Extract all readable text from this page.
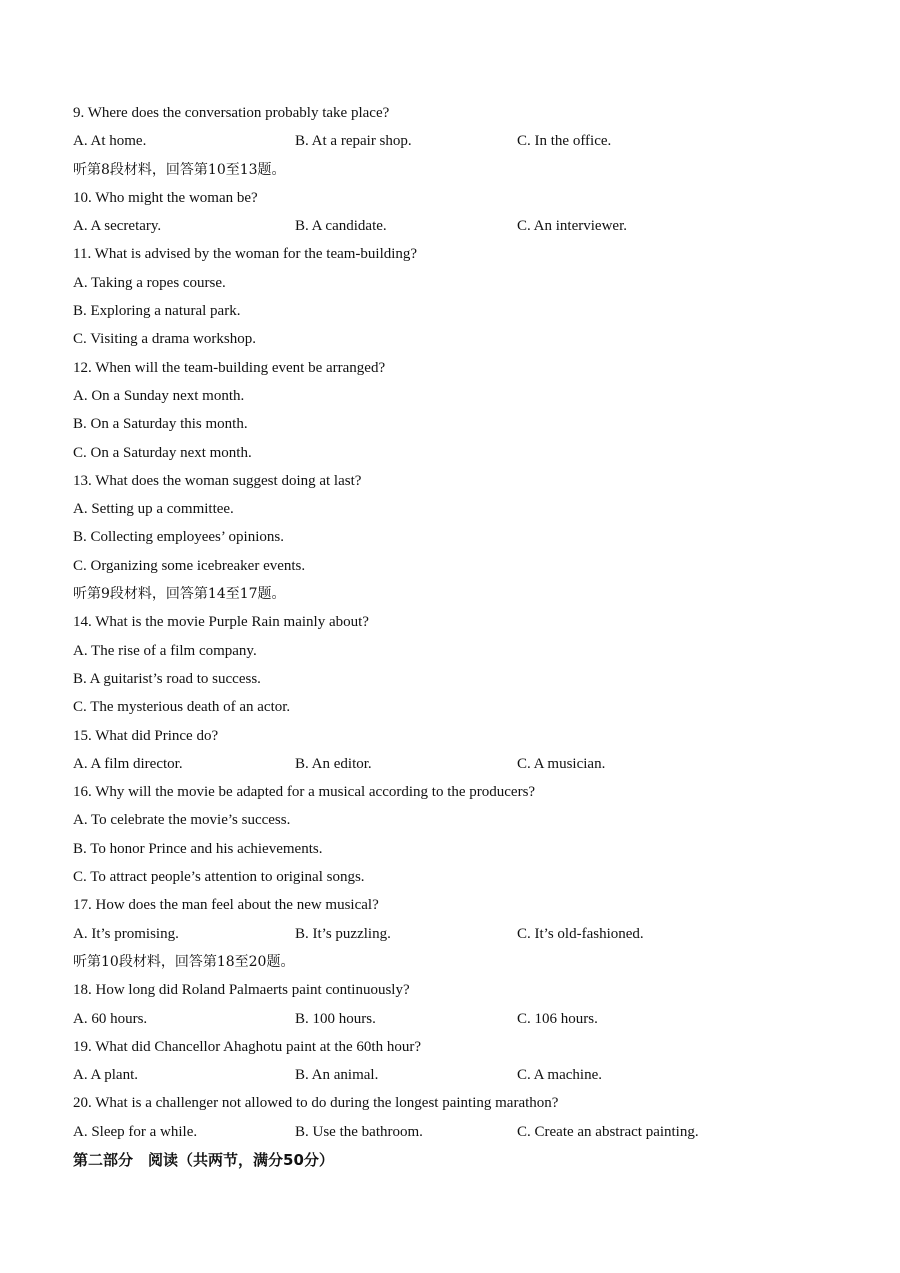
9. Where does the conversation probably take place?
A. At home.	B. At a repair shop.	C. In the office.
听第8段材料，回答第10至13题。
10. Who might the woman be?
A. A secretary.	B. A candidate.	C. An interviewer.
11. What is advised by the woman for the team-building?
A. Taking a ropes course.
B. Exploring a natural park.
C. Visiting a drama workshop.
12. When will the team-building event be arranged?
A. On a Sunday next month.
B. On a Saturday this month.
C. On a Saturday next month.
13. What does the woman suggest doing at last?
A. Setting up a committee.
B. Collecting employees’ opinions.
C. Organizing some icebreaker events.
听第9段材料，回答第14至17题。
14. What is the movie Purple Rain mainly about?
A. The rise of a film company.
B. A guitarist’s road to success.
C. The mysterious death of an actor.
15. What did Prince do?
A. A film director.	B. An editor.	C. A musician.
16. Why will the movie be adapted for a musical according to the producers?
A. To celebrate the movie’s success.
B. To honor Prince and his achievements.
C. To attract people’s attention to original songs.
17. How does the man feel about the new musical?
A. It’s promising.	B. It’s puzzling.	C. It’s old-fashioned.
听第10段材料，回答第18至20题。
18. How long did Roland Palmaerts paint continuously?
A. 60 hours.	B. 100 hours.	C. 106 hours.
19. What did Chancellor Ahaghotu paint at the 60th hour?
A. A plant.	B. An animal.	C. A machine.
20. What is a challenger not allowed to do during the longest painting marathon?
A. Sleep for a while.	B. Use the bathroom.	C. Create an abstract painting.
第二部分　阅读（共两节，满分50分）
